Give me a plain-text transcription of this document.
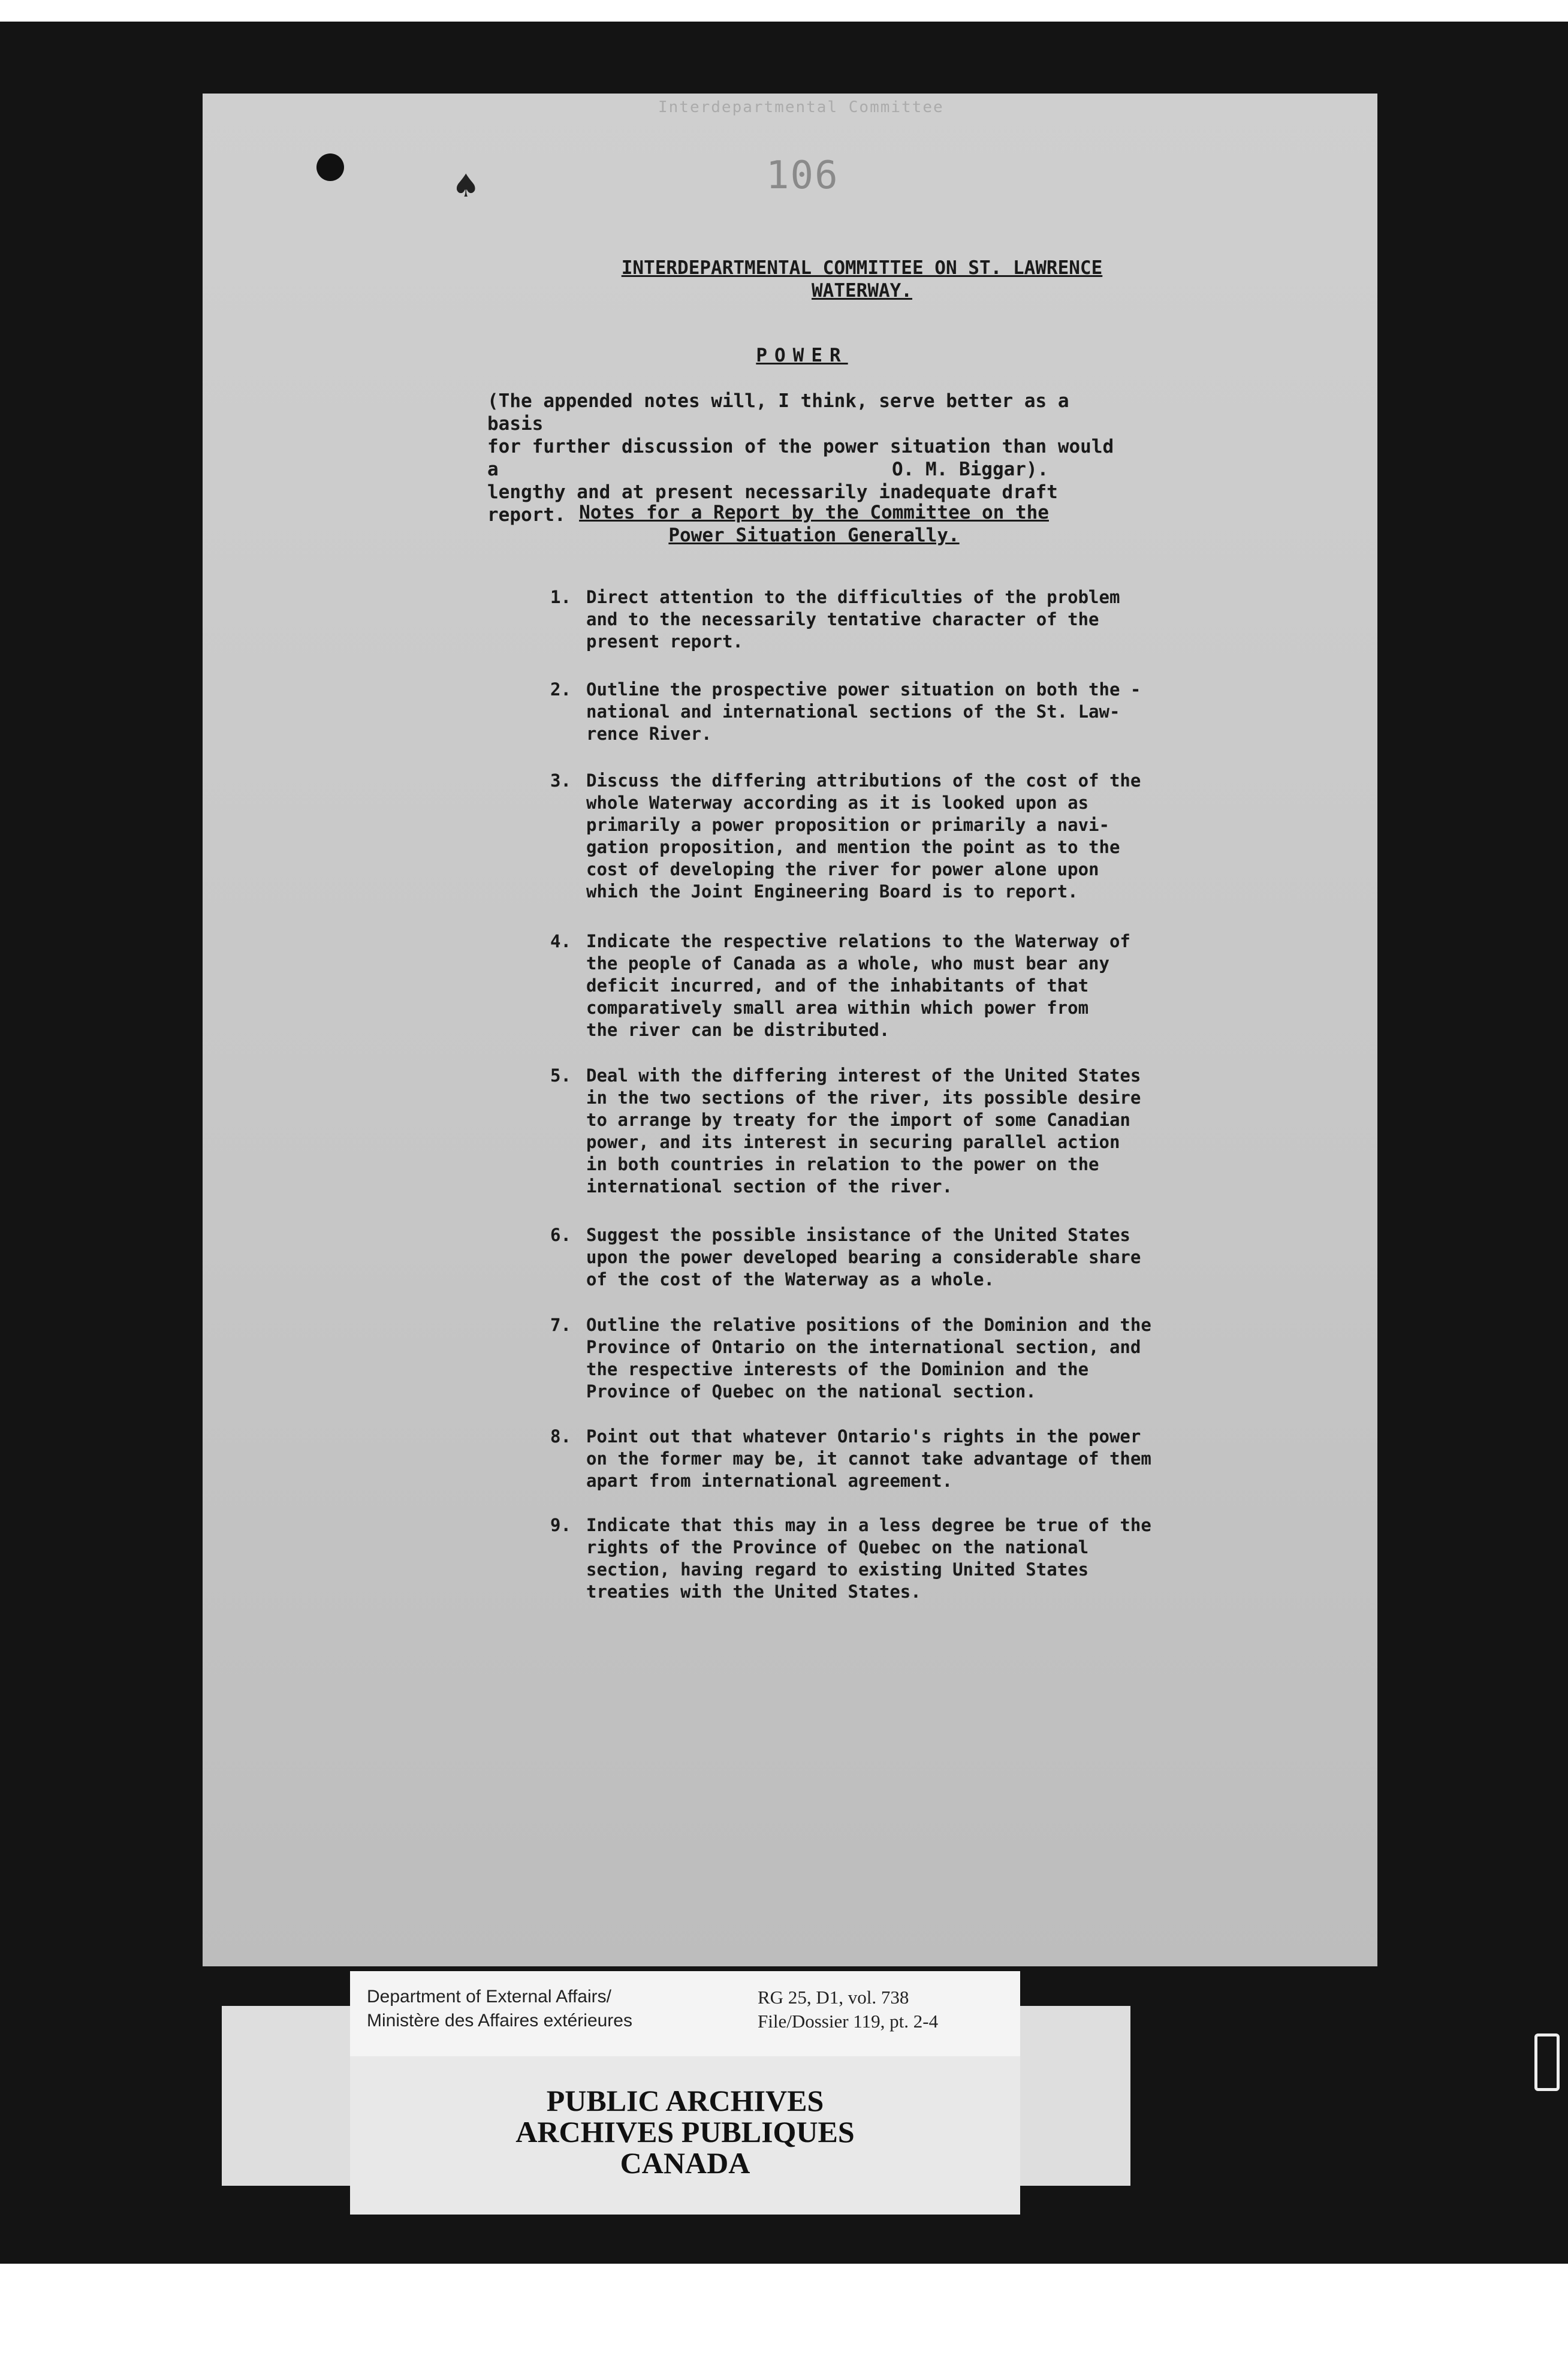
Interdepartmental Committee
106
♠
INTERDEPARTMENTAL COMMITTEE ON ST. LAWRENCE
WATERWAY.
POWER
(The appended notes will, I think, serve better as a basis
for further discussion of the power situation than would a
lengthy and at present necessarily inadequate draft report.
O. M. Biggar).
Notes for a Report by the Committee on the
Power Situation Generally.
1. Direct attention to the difficulties of the problem
and to the necessarily tentative character of the
present report.
2. Outline the prospective power situation on both the -
national and international sections of the St. Law-
rence River.
3. Discuss the differing attributions of the cost of the
whole Waterway according as it is looked upon as
primarily a power proposition or primarily a navi-
gation proposition, and mention the point as to the
cost of developing the river for power alone upon
which the Joint Engineering Board is to report.
4. Indicate the respective relations to the Waterway of
the people of Canada as a whole, who must bear any
deficit incurred, and of the inhabitants of that
comparatively small area within which power from
the river can be distributed.
5. Deal with the differing interest of the United States
in the two sections of the river, its possible desire
to arrange by treaty for the import of some Canadian
power, and its interest in securing parallel action
in both countries in relation to the power on the
international section of the river.
6. Suggest the possible insistance of the United States
upon the power developed bearing a considerable share
of the cost of the Waterway as a whole.
7. Outline the relative positions of the Dominion and the
Province of Ontario on the international section, and
the respective interests of the Dominion and the
Province of Quebec on the national section.
8. Point out that whatever Ontario's rights in the power
on the former may be, it cannot take advantage of them
apart from international agreement.
9. Indicate that this may in a less degree be true of the
rights of the Province of Quebec on the national
section, having regard to existing United States
treaties with the United States.
Department of External Affairs/
Ministère des Affaires extérieures
RG 25, D1, vol. 738
File/Dossier 119, pt. 2-4
PUBLIC ARCHIVES
ARCHIVES PUBLIQUES
CANADA
